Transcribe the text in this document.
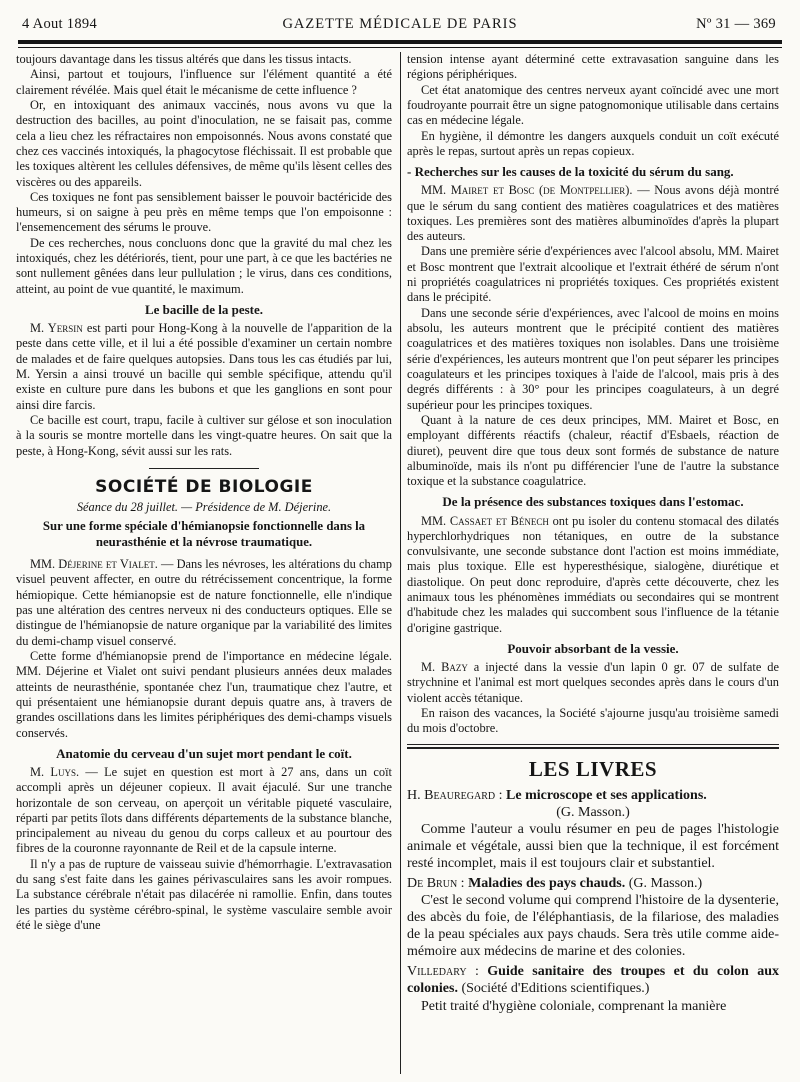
4 Aout 1894	GAZETTE MÉDICALE DE PARIS	Nº 31 — 369

toujours davantage dans les tissus altérés que dans les tissus intacts.

Ainsi, partout et toujours, l'influence sur l'élément quantité a été clairement révélée. Mais quel était le mécanisme de cette influence ?

Or, en intoxiquant des animaux vaccinés, nous avons vu que la destruction des bacilles, au point d'inoculation, ne se faisait pas, comme cela a lieu chez les réfractaires non empoisonnés. Nous avons constaté que chez ces vaccinés intoxiqués, la phagocytose fléchissait. Il est probable que les toxiques altèrent les cellules défensives, de même qu'ils lèsent celles des viscères ou des appareils.

Ces toxiques ne font pas sensiblement baisser le pouvoir bactéricide des humeurs, si on saigne à peu près en même temps que l'on empoisonne : l'ensemencement des sérums le prouve.

De ces recherches, nous concluons donc que la gravité du mal chez les intoxiqués, chez les détériorés, tient, pour une part, à ce que les bactéries ne sont nullement gênées dans leur pullulation ; le virus, dans ces conditions, atteint, au point de vue quantité, le maximum.

Le bacille de la peste.

M. Yersin est parti pour Hong-Kong à la nouvelle de l'apparition de la peste dans cette ville, et il lui a été possible d'examiner un certain nombre de malades et de faire quelques autopsies. Dans tous les cas étudiés par lui, M. Yersin a ainsi trouvé un bacille qui semble spécifique, attendu qu'il existe en culture pure dans les bubons et que les ganglions en sont pour ainsi dire farcis.

Ce bacille est court, trapu, facile à cultiver sur gélose et son inoculation à la souris se montre mortelle dans les vingt-quatre heures. On sait que la peste, à Hong-Kong, sévit aussi sur les rats.

SOCIÉTÉ DE BIOLOGIE
Séance du 28 juillet. — Présidence de M. Déjerine.
Sur une forme spéciale d'hémianopsie fonctionnelle dans la neurasthénie et la névrose traumatique.

MM. Déjerine et Vialet. — Dans les névroses, les altérations du champ visuel peuvent affecter, en outre du rétrécissement concentrique, la forme hémiopique. Cette hémianopsie est de nature fonctionnelle, elle n'indique pas une altération des centres nerveux ni des conducteurs optiques. Elle se distingue de l'hémianopsie de nature organique par la variabilité des limites du demi-champ visuel conservé.

Cette forme d'hémianopsie prend de l'importance en médecine légale. MM. Déjerine et Vialet ont suivi pendant plusieurs années deux malades atteints de neurasthénie, spontanée chez l'un, traumatique chez l'autre, et qui présentaient une hémianopsie durant depuis quatre ans, à travers de grandes oscillations dans les limites périphériques des demi-champs visuels conservés.

Anatomie du cerveau d'un sujet mort pendant le coït.

M. Luys. — Le sujet en question est mort à 27 ans, dans un coït accompli après un déjeuner copieux. Il avait éjaculé. Sur une tranche horizontale de son cerveau, on aperçoit un véritable piqueté vasculaire, réparti par petits îlots dans différents départements de la substance blanche, principalement au niveau du genou du corps calleux et au pourtour des fibres de la couronne rayonnante de Reil et de la capsule interne.

Il n'y a pas de rupture de vaisseau suivie d'hémorrhagie. L'extravasation du sang s'est faite dans les gaines périvasculaires sans les avoir rompues. La substance cérébrale n'était pas dilacérée ni ramollie. Enfin, dans toutes les parties du système cérébro-spinal, le système vasculaire semble avoir été le siège d'une

tension intense ayant déterminé cette extravasation sanguine dans les régions périphériques.

Cet état anatomique des centres nerveux ayant coïncidé avec une mort foudroyante pourrait être un signe patognomonique utilisable dans certains cas en médecine légale.

En hygiène, il démontre les dangers auxquels conduit un coït exécuté après le repas, surtout après un repas copieux.

- Recherches sur les causes de la toxicité du sérum du sang.

MM. Mairet et Bosc (de Montpellier). — Nous avons déjà montré que le sérum du sang contient des matières coagulatrices et des matières toxiques. Les premières sont des matières albuminoïdes d'après la plupart des auteurs.

Dans une première série d'expériences avec l'alcool absolu, MM. Mairet et Bosc montrent que l'extrait alcoolique et l'extrait éthéré de sérum n'ont ni propriétés coagulatrices ni propriétés toxiques. Ces propriétés existent dans le précipité.

Dans une seconde série d'expériences, avec l'alcool de moins en moins absolu, les auteurs montrent que le précipité contient des matières coagulatrices et des matières toxiques non isolables. Dans une troisième série d'expériences, les auteurs montrent que l'on peut séparer les principes coagulateurs et les principes toxiques à l'aide de l'alcool, mais pris à des degrés différents : à 30° pour les principes coagulateurs, à un degré supérieur pour les principes toxiques.

Quant à la nature de ces deux principes, MM. Mairet et Bosc, en employant différents réactifs (chaleur, réactif d'Esbaels, réaction de diuret), peuvent dire que tous deux sont formés de substance de nature albuminoïde, mais ils n'ont pu différencier l'une de l'autre la substance toxique et la substance coagulatrice.

De la présence des substances toxiques dans l'estomac.

MM. Cassaet et Bénech ont pu isoler du contenu stomacal des dilatés hyperchlorhydriques non tétaniques, en outre de la substance convulsivante, une seconde substance dont l'action est moins immédiate, mais plus toxique. Elle est hyperesthésique, sialogène, diurétique et diastolique. On peut donc reproduire, d'après cette découverte, chez les animaux tous les phénomènes immédiats ou secondaires qui se montrent d'habitude chez les malades qui succombent sous l'influence de la tétanie d'origine gastrique.

Pouvoir absorbant de la vessie.

M. Bazy a injecté dans la vessie d'un lapin 0 gr. 07 de sulfate de strychnine et l'animal est mort quelques secondes après dans le cours d'un violent accès tétanique.

En raison des vacances, la Société s'ajourne jusqu'au troisième samedi du mois d'octobre.

LES LIVRES

H. Beauregard : Le microscope et ses applications.

(G. Masson.)

Comme l'auteur a voulu résumer en peu de pages l'histologie animale et végétale, aussi bien que la technique, il est forcément resté incomplet, mais il est toujours clair et substantiel.

De Brun : Maladies des pays chauds. (G. Masson.)

C'est le second volume qui comprend l'histoire de la dysenterie, des abcès du foie, de l'éléphantiasis, de la filariose, des maladies de la peau spéciales aux pays chauds. Sera très utile comme aide-mémoire aux médecins de marine et des colonies.

Villedary : Guide sanitaire des troupes et du colon aux colonies. (Société d'Editions scientifiques.)

Petit traité d'hygiène coloniale, comprenant la manière
